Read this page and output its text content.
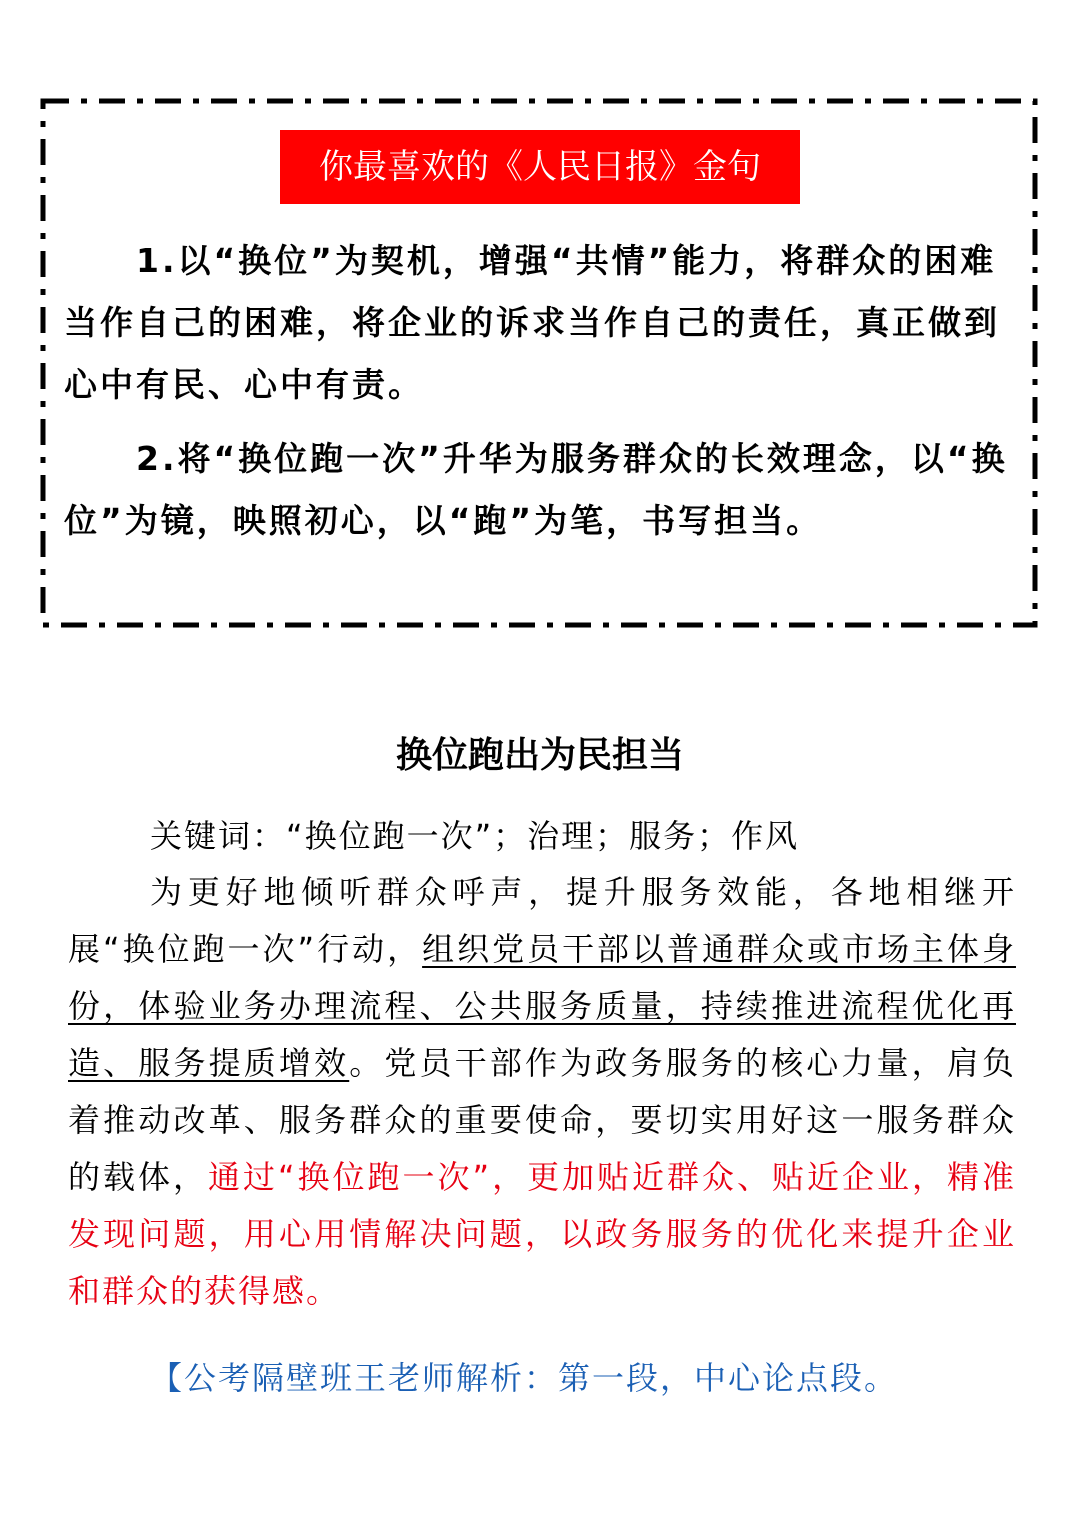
你最喜欢的《人民日报》金句

1.以“换位”为契机，增强“共情”能力，将群众的困难当作自己的困难，将企业的诉求当作自己的责任，真正做到心中有民、心中有责。

2.将“换位跑一次”升华为服务群众的长效理念，以“换位”为镜，映照初心，以“跑”为笔，书写担当。

换位跑出为民担当

关键词：“换位跑一次”；治理；服务；作风

为更好地倾听群众呼声，提升服务效能，各地相继开展“换位跑一次”行动，组织党员干部以普通群众或市场主体身份，体验业务办理流程、公共服务质量，持续推进流程优化再造、服务提质增效。党员干部作为政务服务的核心力量，肩负着推动改革、服务群众的重要使命，要切实用好这一服务群众的载体，通过“换位跑一次”，更加贴近群众、贴近企业，精准发现问题，用心用情解决问题，以政务服务的优化来提升企业和群众的获得感。

【公考隔壁班王老师解析：第一段，中心论点段。
